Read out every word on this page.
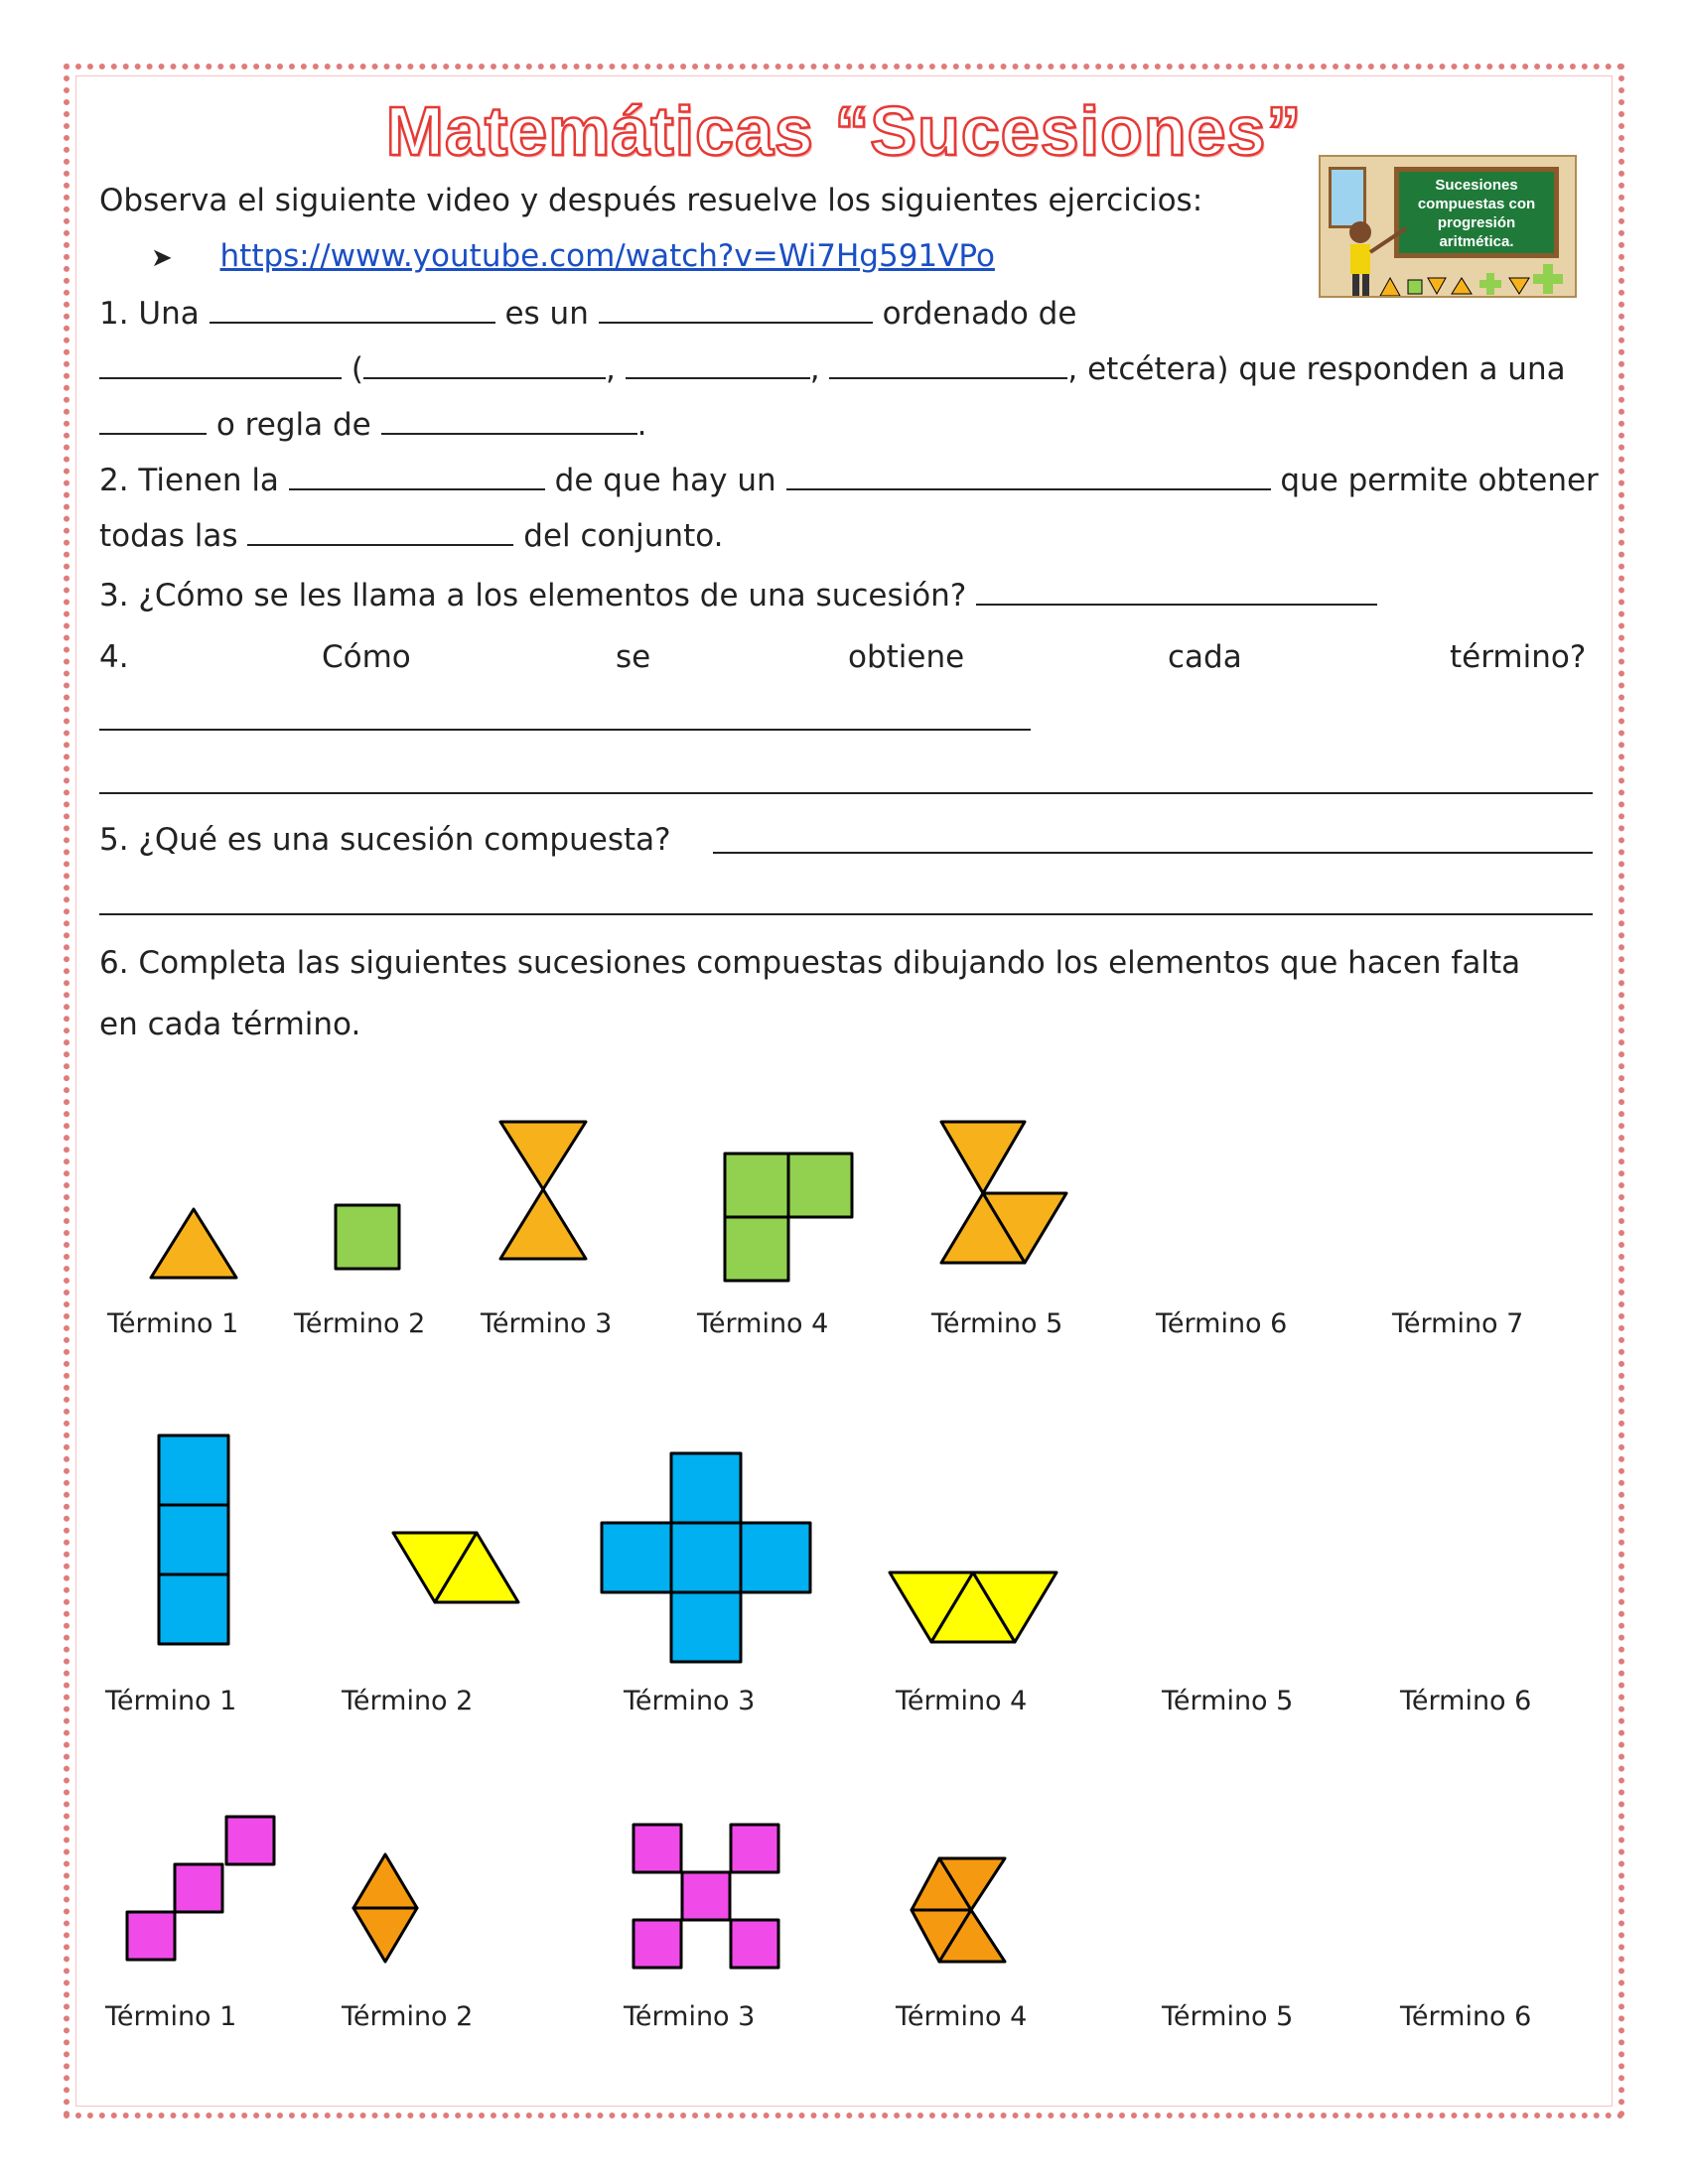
Matemáticas “Sucesiones”
Sucesiones
compuestas con
progresión
aritmética.
Observa el siguiente video y después resuelve los siguientes ejercicios:
➤ https://www.youtube.com/watch?v=Wi7Hg591VPo
1. Una	es un	ordenado de
(	,	,	, etcétera) que responden a una
o regla de	.
2. Tienen la	de que hay un	que permite obtener
todas las	del conjunto.
3. ¿Cómo se les llama a los elementos de una sucesión?
4.	Cómo	se	obtiene	cada	término?
5. ¿Qué es una sucesión compuesta?
6. Completa las siguientes sucesiones compuestas dibujando los elementos que hacen falta
en cada término.
Término 1 Término 2 Término 3	Término 4	Término 5	Término 6	Término 7
Término 1	Término 2	Término 3	Término 4	Término 5	Término 6
Término 1	Término 2	Término 3	Término 4	Término 5	Término 6
